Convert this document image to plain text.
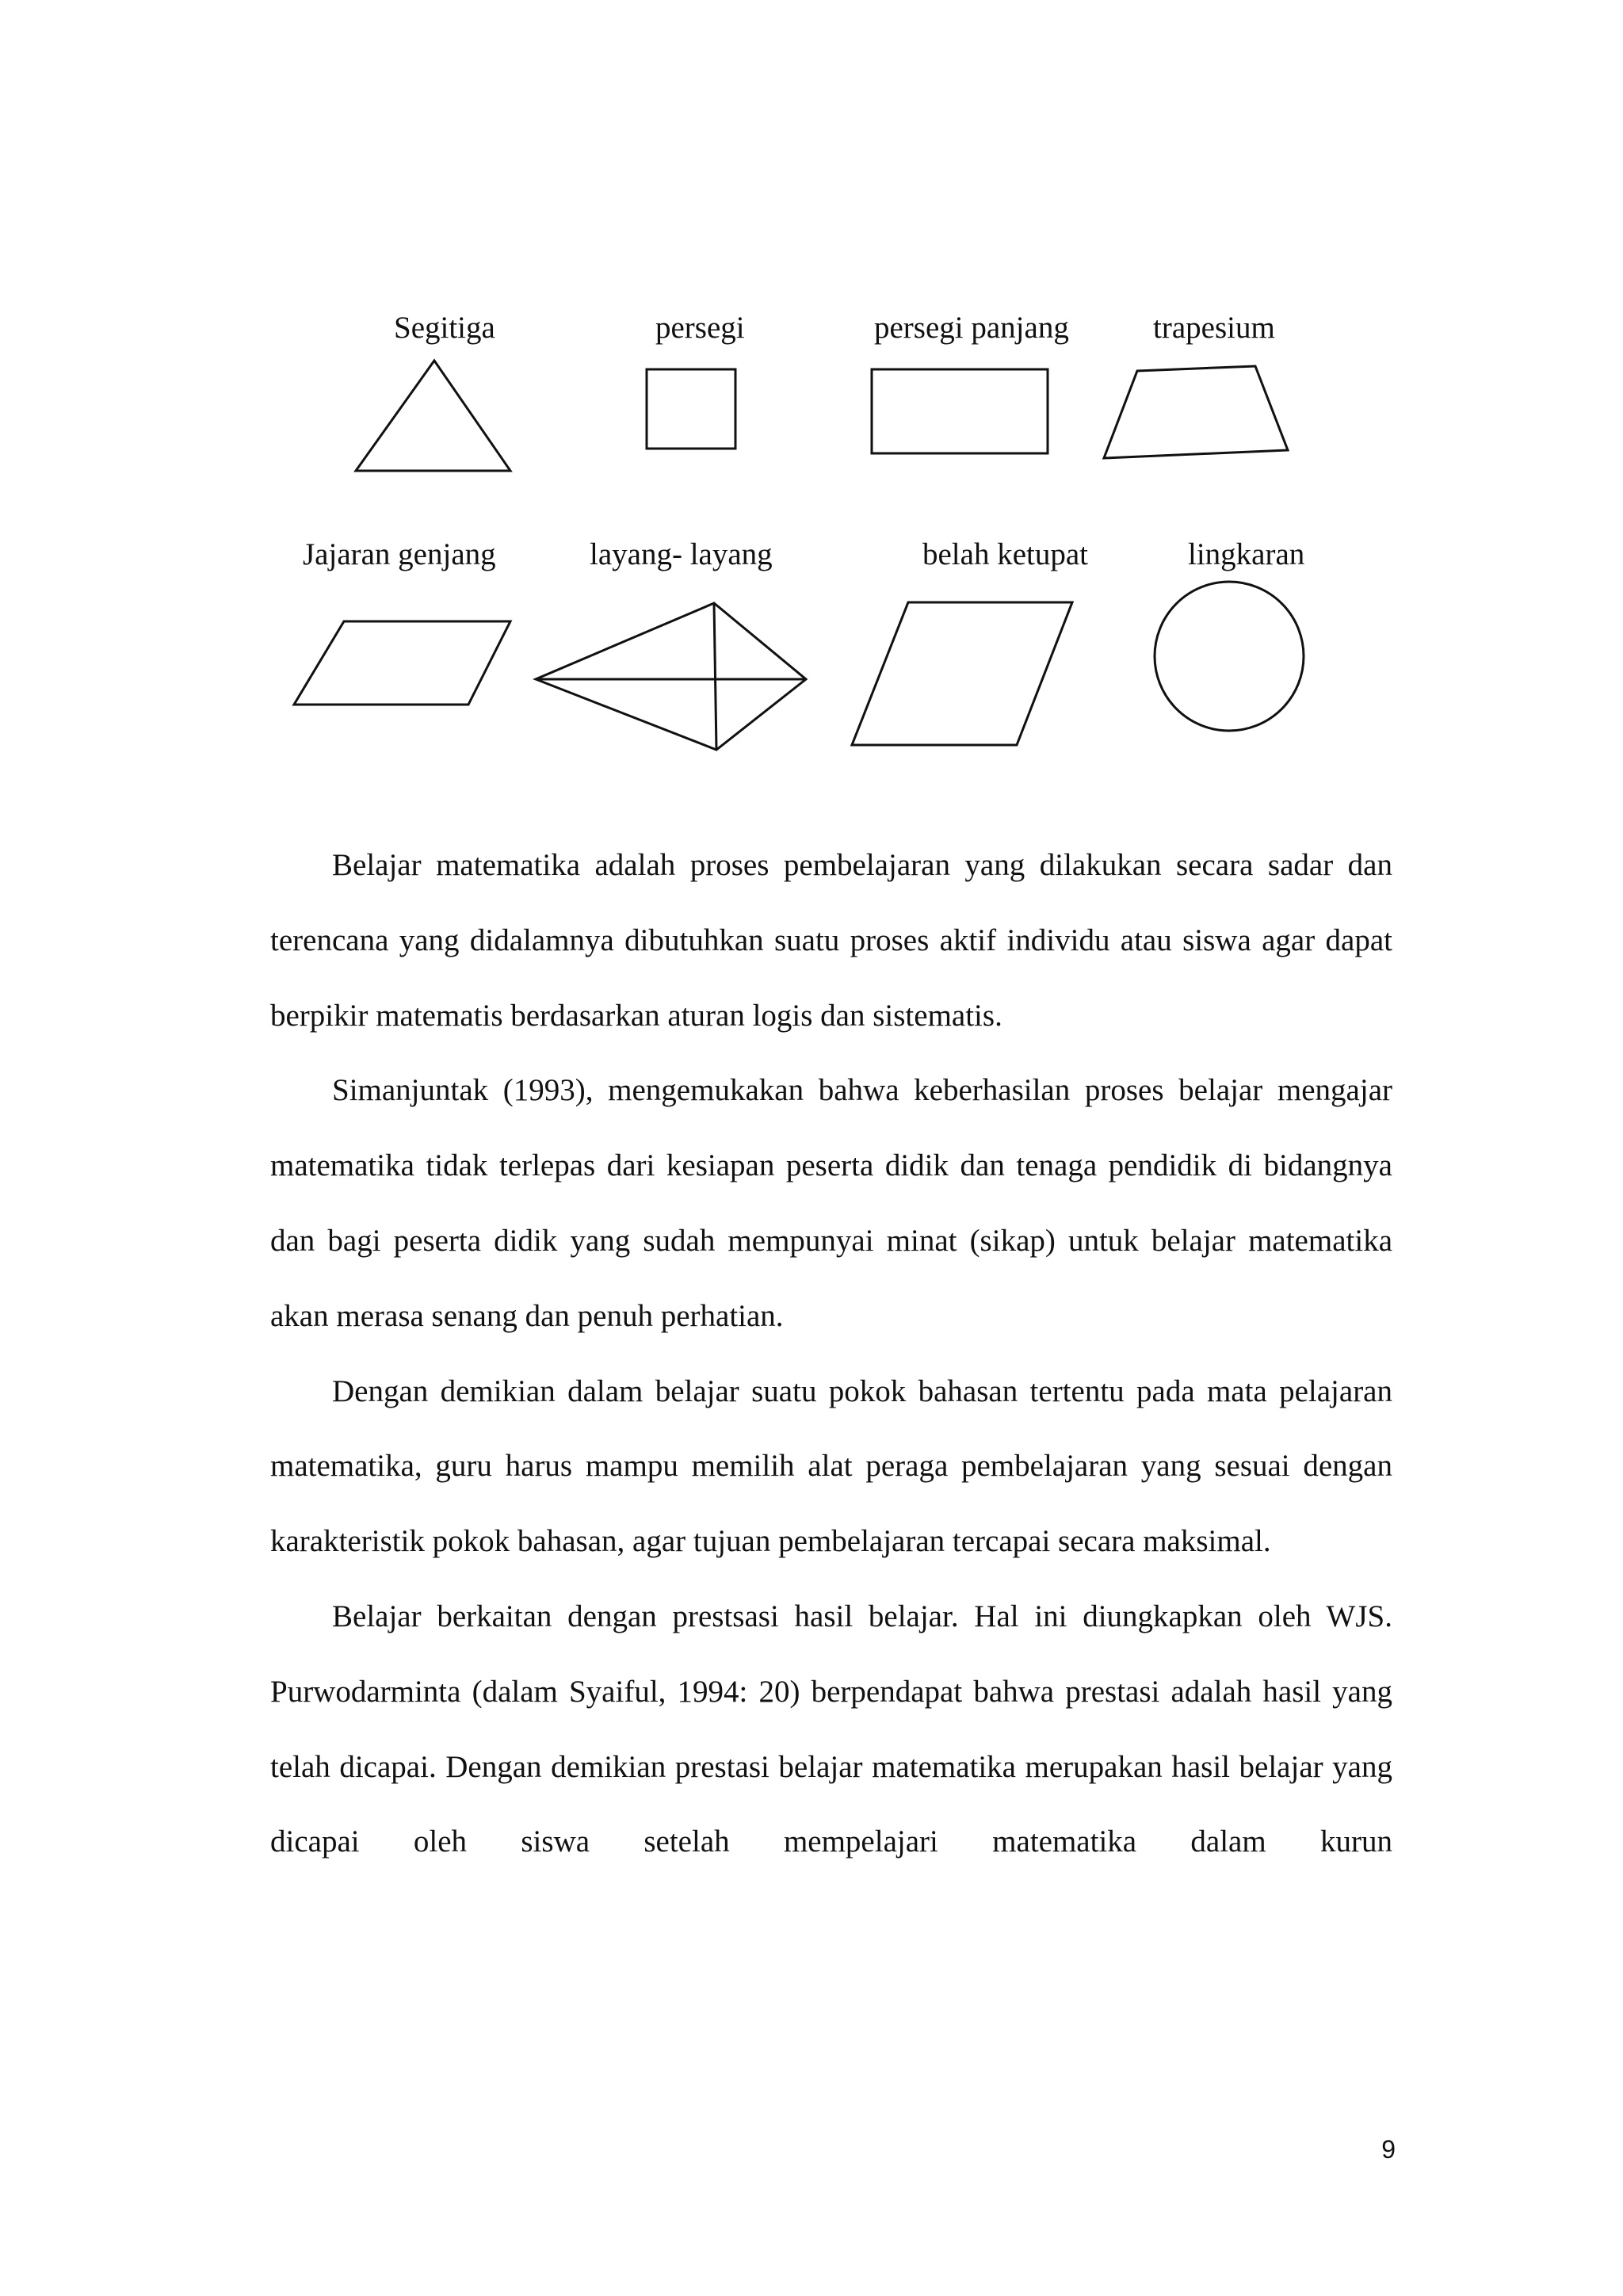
Segitiga	persegi	persegi panjang	trapesium
Jajaran genjang	layang- layang	belah ketupat	lingkaran

Belajar matematika adalah proses pembelajaran yang dilakukan secara sadar dan terencana yang didalamnya dibutuhkan suatu proses aktif individu atau siswa agar dapat berpikir matematis berdasarkan aturan logis dan sistematis.

Simanjuntak (1993), mengemukakan bahwa keberhasilan proses belajar mengajar matematika tidak terlepas dari kesiapan peserta didik dan tenaga pendidik di bidangnya dan bagi peserta didik yang sudah mempunyai minat (sikap) untuk belajar matematika akan merasa senang dan penuh perhatian.

Dengan demikian dalam belajar suatu pokok bahasan tertentu pada mata pelajaran matematika, guru harus mampu memilih alat peraga pembelajaran yang sesuai dengan karakteristik pokok bahasan, agar tujuan pembelajaran tercapai secara maksimal.

Belajar berkaitan dengan prestsasi hasil belajar. Hal ini diungkapkan oleh WJS. Purwodarminta (dalam Syaiful, 1994: 20) berpendapat bahwa prestasi adalah hasil yang telah dicapai. Dengan demikian prestasi belajar matematika merupakan hasil belajar yang dicapai oleh siswa setelah mempelajari matematika dalam kurun

9
